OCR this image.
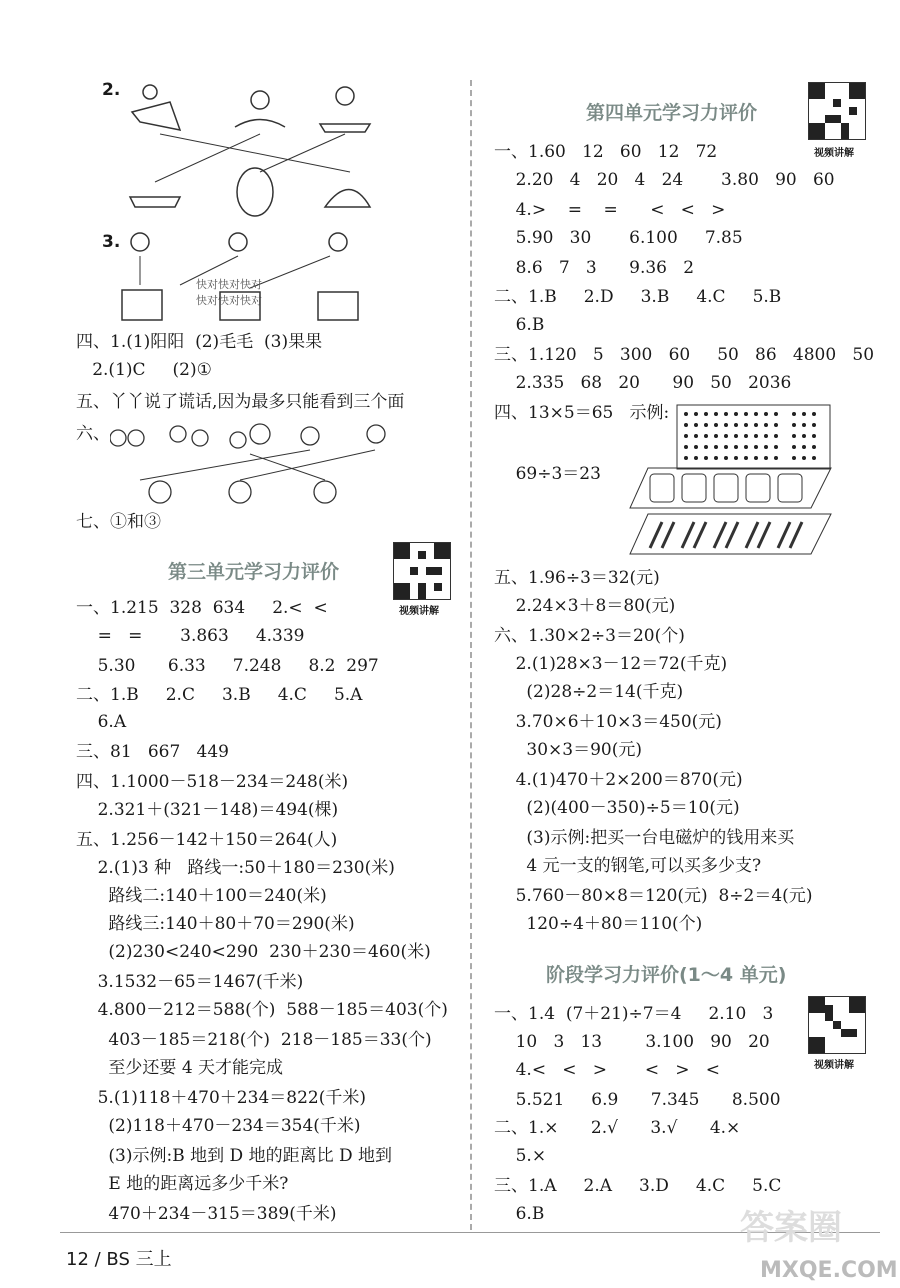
2.
3.
快对快对快对
快对快对快对
四、1.(1)阳阳  (2)毛毛  (3)果果
2.(1)C     (2)①
五、丫丫说了谎话,因为最多只能看到三个面
六、
七、①和③
第三单元学习力评价
视频讲解
一、1.215  328  634     2.<  <
=   =       3.863     4.339
5.30      6.33     7.248     8.2  297
二、1.B     2.C     3.B     4.C     5.A
6.A
三、81   667   449
四、1.1000－518－234＝248(米)
2.321＋(321－148)＝494(棵)
五、1.256－142＋150＝264(人)
2.(1)3 种   路线一:50＋180＝230(米)
路线二:140＋100＝240(米)
路线三:140＋80＋70＝290(米)
(2)230<240<290  230＋230＝460(米)
3.1532－65＝1467(千米)
4.800－212＝588(个)  588－185＝403(个)
403－185＝218(个)  218－185＝33(个)
至少还要 4 天才能完成
5.(1)118＋470＋234＝822(千米)
(2)118＋470－234＝354(千米)
(3)示例:B 地到 D 地的距离比 D 地到
E 地的距离远多少千米?
470＋234－315＝389(千米)
第四单元学习力评价
视频讲解
一、1.60   12   60   12   72
2.20   4   20   4   24       3.80   90   60
4.>    =    =      <   <   >
5.90   30       6.100     7.85
8.6   7   3      9.36   2
二、1.B     2.D     3.B     4.C     5.B
6.B
三、1.120   5   300   60     50   86   4800   50
2.335   68   20      90   50   2036
四、13×5＝65   示例:
69÷3＝23
五、1.96÷3＝32(元)
2.24×3＋8＝80(元)
六、1.30×2÷3＝20(个)
2.(1)28×3－12＝72(千克)
(2)28÷2＝14(千克)
3.70×6＋10×3＝450(元)
30×3＝90(元)
4.(1)470＋2×200＝870(元)
(2)(400－350)÷5＝10(元)
(3)示例:把买一台电磁炉的钱用来买
4 元一支的钢笔,可以买多少支?
5.760－80×8＝120(元)  8÷2＝4(元)
120÷4＋80＝110(个)
阶段学习力评价(1～4 单元)
视频讲解
一、1.4  (7＋21)÷7＝4     2.10   3
10   3   13        3.100   90   20
4.<   <   >       <   >   <
5.521     6.9      7.345      8.500
二、1.×      2.√      3.√      4.×
5.×
三、1.A     2.A     3.D     4.C     5.C
6.B
12 / BS 三上	MXQE.COM
答案圈
